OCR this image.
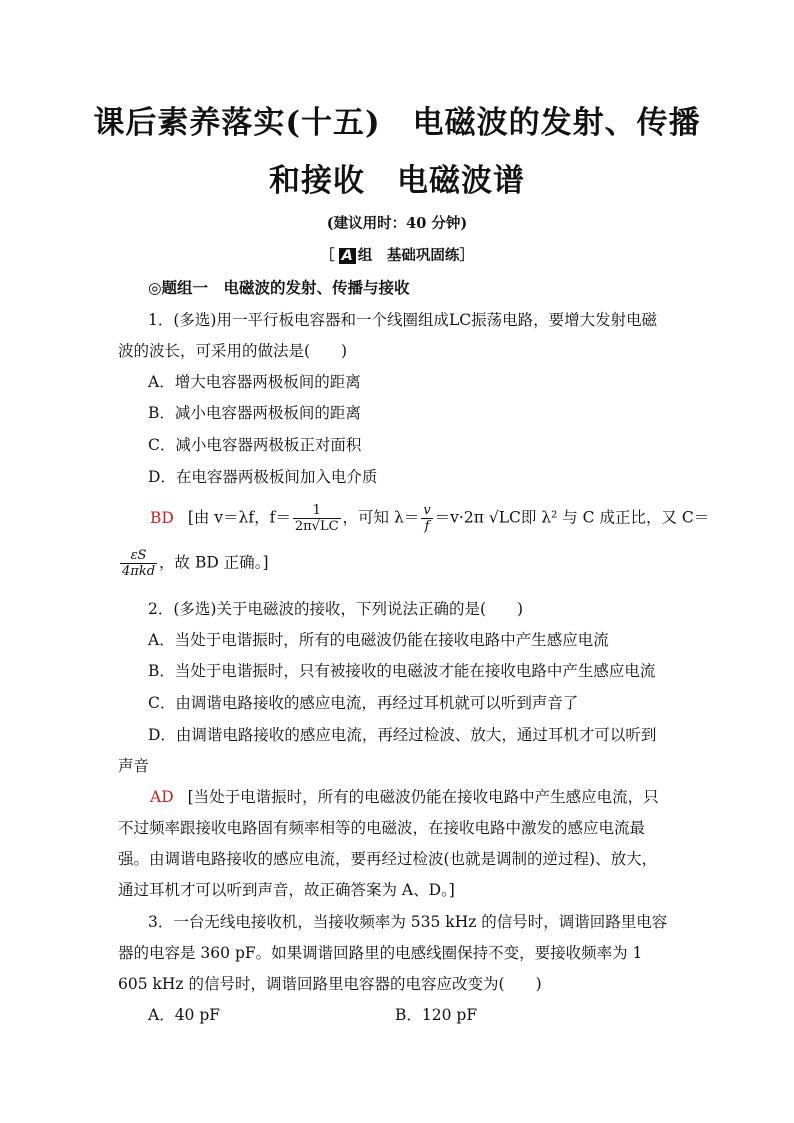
课后素养落实(十五)　电磁波的发射、传播
和接收　电磁波谱
(建议用时：40 分钟)
［ A 组　基础巩固练］
◎题组一　电磁波的发射、传播与接收
1．(多选)用一平行板电容器和一个线圈组成LC振荡电路，要增大发射电磁
波的波长，可采用的做法是(　　)
A．增大电容器两极板间的距离
B．减小电容器两极板间的距离
C．减小电容器两极板正对面积
D．在电容器两极板间加入电介质
BD [由 v＝λf，$f= \frac{1}{2\pi√LC}$ ，可知 $\lambda= \frac{v}{f} =v\cdot 2\pi$ √LC即 λ² 与 C 成正比，又 C＝
$\frac{\varepsilon S}{\text{4πkd}}$ ，故 BD 正确。]
2．(多选)关于电磁波的接收，下列说法正确的是(　　)
A．当处于电谐振时，所有的电磁波仍能在接收电路中产生感应电流
B．当处于电谐振时，只有被接收的电磁波才能在接收电路中产生感应电流
C．由调谐电路接收的感应电流，再经过耳机就可以听到声音了
D．由调谐电路接收的感应电流，再经过检波、放大，通过耳机才可以听到
声音
AD [当处于电谐振时，所有的电磁波仍能在接收电路中产生感应电流，只
不过频率跟接收电路固有频率相等的电磁波，在接收电路中激发的感应电流最
强。由调谐电路接收的感应电流，要再经过检波(也就是调制的逆过程)、放大，
通过耳机才可以听到声音，故正确答案为 A、D。]
3．一台无线电接收机，当接收频率为 535 kHz 的信号时，调谐回路里电容
器的电容是 360 pF。如果调谐回路里的电感线圈保持不变，要接收频率为 1
605 kHz 的信号时，调谐回路里电容器的电容应改变为(　　)
A．40 pF	B．120 pF
